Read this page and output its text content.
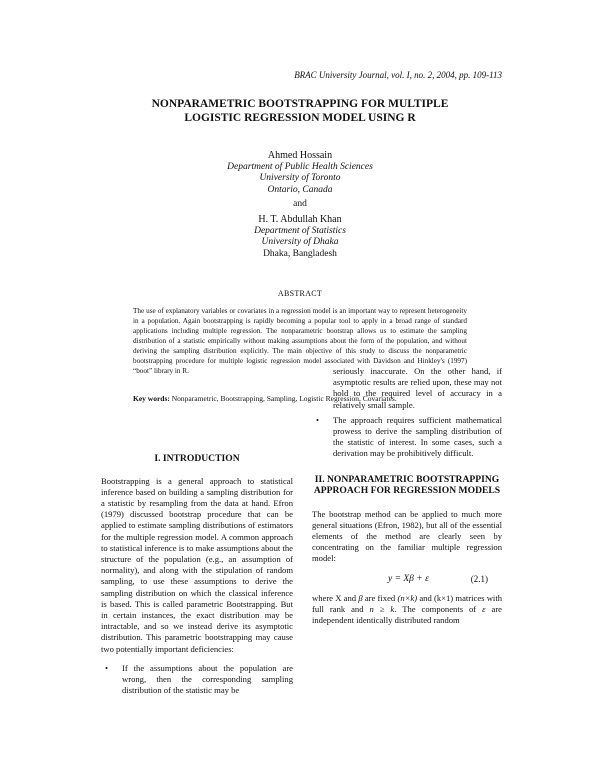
BRAC University Journal, vol. I, no. 2, 2004, pp. 109-113
NONPARAMETRIC BOOTSTRAPPING FOR MULTIPLE
LOGISTIC REGRESSION MODEL USING R
Ahmed Hossain
Department of Public Health Sciences
University of Toronto
Ontario, Canada
and
H. T. Abdullah Khan
Department of Statistics
University of Dhaka
Dhaka, Bangladesh
ABSTRACT
The use of explanatory variables or covariates in a regression model is an important way to represent heterogeneity in a population. Again bootstrapping is rapidly becoming a popular tool to apply in a broad range of standard applications including multiple regression. The nonparametric bootstrap allows us to estimate the sampling distribution of a statistic empirically without making assumptions about the form of the population, and without deriving the sampling distribution explicitly. The main objective of this study to discuss the nonparametric bootstrapping procedure for multiple logistic regression model associated with Davidson and Hinkley's (1997) “boot” library in R.
Key words: Nonparametric, Bootstrapping, Sampling, Logistic Regression, Covariates.
I. INTRODUCTION

Bootstrapping is a general approach to statistical inference based on building a sampling distribution for a statistic by resampling from the data at hand. Efron (1979) discussed bootstrap procedure that can be applied to estimate sampling distributions of estimators for the multiple regression model. A common approach to statistical inference is to make assumptions about the structure of the population (e.g., an assumption of normality), and along with the stipulation of random sampling, to use these assumptions to derive the sampling distribution on which the classical inference is based. This is called parametric Bootstrapping. But in certain instances, the exact distribution may be intractable, and so we instead derive its asymptotic distribution. This parametric bootstrapping may cause two potentially important deficiencies:

• If the assumptions about the population are wrong, then the corresponding sampling distribution of the statistic may be
seriously inaccurate. On the other hand, if asymptotic results are relied upon, these may not hold to the required level of accuracy in a relatively small sample.
• The approach requires sufficient mathematical prowess to derive the sampling distribution of the statistic of interest. In some cases, such a derivation may be prohibitively difficult.
II. NONPARAMETRIC BOOTSTRAPPING
APPROACH FOR REGRESSION MODELS

The bootstrap method can be applied to much more general situations (Efron, 1982), but all of the essential elements of the method are clearly seen by concentrating on the familiar multiple regression model:

y = Xβ + ε	(2.1)

where X and β are fixed (n×k) and (k×1) matrices with full rank and n ≥ k. The components of ε are independent identically distributed random
